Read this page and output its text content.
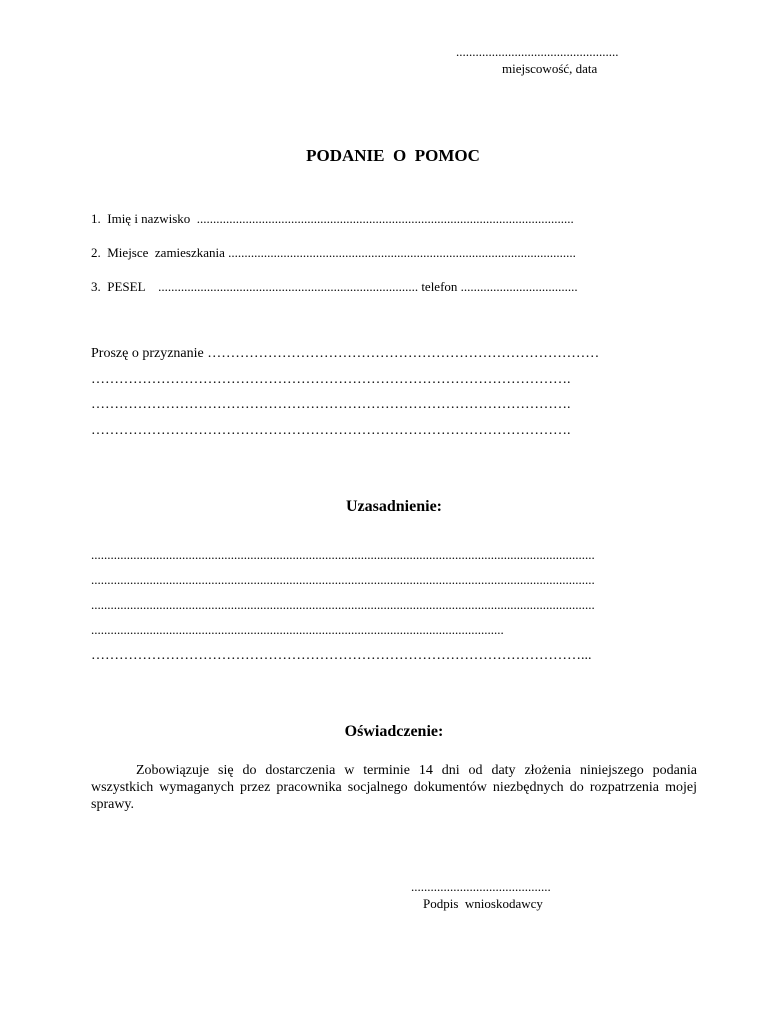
..................................................
miejscowość, data
PODANIE  O  POMOC
1.  Imię i nazwisko  ....................................................................................................................
2.  Miejsce  zamieszkania ...........................................................................................................
3.  PESEL    ................................................................................ telefon ....................................
Proszę o przyznanie …………………………………………………………………………
………………………………………………………………………………………….
………………………………………………………………………………………….
………………………………………………………………………………………….
Uzasadnienie:
...........................................................................................................................................................
...........................................................................................................................................................
...........................................................................................................................................................
...............................................................................................................................
……………………………………………………………………………………………...
Oświadczenie:
Zobowiązuje się do dostarczenia w terminie 14 dni od daty złożenia niniejszego podania wszystkich wymaganych przez pracownika socjalnego dokumentów niezbędnych do rozpatrzenia mojej sprawy.
...........................................
Podpis  wnioskodawcy
